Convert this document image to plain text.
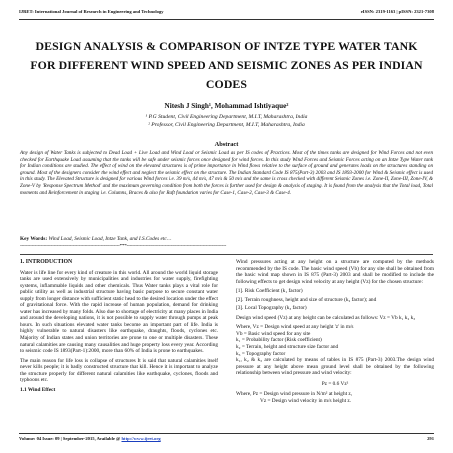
IJRET: International Journal of Research in Engineering and Technology	eISSN: 2319-1163 | pISSN: 2321-7308
DESIGN ANALYSIS & COMPARISON OF INTZE TYPE WATER TANK FOR DIFFERENT WIND SPEED AND SEISMIC ZONES AS PER INDIAN CODES
Nitesh J Singh¹, Mohammad Ishtiyaque²
¹ P.G Student, Civil Engineering Department, M.I.T, Maharashtra, India
² Professor, Civil Engineering Department, M.I.T, Maharashtra, India
Abstract
Any design of Water Tanks is subjected to Dead Load + Live Load and Wind Load or Seismic Load as per IS codes of Practices. Most of the times tanks are designed for Wind Forces and not even checked for Earthquake Load assuming that the tanks will be safe under seismic forces once designed for wind forces. In this study Wind Forces and Seismic Forces acting on an Intze Type Water tank for Indian conditions are studied. The effect of wind on the elevated structures is of prime importance in Wind flows relative to the surface of ground and generates loads on the structures standing on ground. Most of the designers consider the wind effect and neglect the seismic effect on the structure. The Indian Standard Code IS 875(Part-3) 2003 and IS 1893-2000 for Wind & Seismic effect is used in this study. The Elevated Structure is designed for various Wind forces i.e. 39 m/s, 44 m/s, 47 m/s & 50 m/s and the same is cross checked with different Seismic Zones i.e. Zone-II, Zone-III, Zone-IV, & Zone-V by 'Response Spectrum Method' and the maximum governing condition from both the forces is further used for design & analysis of staging. It is found from the analysis that the Total load, Total moments and Reinforcement in staging i.e. Columns, Braces & also for Raft foundation varies for Case-1, Case-2, Case-3 & Case-4.
Key Words: Wind Load, Seismic Load, Intze Tank, and I.S.Codes etc…
--------------------------------------------------------------------***--------------------------------------------------------------------
1. INTRODUCTION

Water is life line for every kind of creature in this world. All around the world liquid storage tanks are used extensively by municipalities and industries for water supply, firefighting systems, inflammable liquids and other chemicals. Thus Water tanks plays a vital role for public utility as well as industrial structure having basic purpose to secure constant water supply from longer distance with sufficient static head to the desired location under the effect of gravitational force. With the rapid increase of human population, demand for drinking water has increased by many folds. Also due to shortage of electricity at many places in India and around the developing nations, it is not possible to supply water through pumps at peak hours. In such situations elevated water tanks become an important part of life. India is highly vulnerable to natural disasters like earthquake, draughts, floods, cyclones etc. Majority of Indian states and union territories are prone to one or multiple disasters. These natural calamities are causing many causalities and huge property loss every year. According to seismic code IS 1893(Part-1):2000, more than 60% of India is prone to earthquakes.

The main reason for life loss is collapse of structures It is said that natural calamities itself never kills people; it is badly constructed structure that kill. Hence it is important to analyze the structure properly for different natural calamities like earthquake, cyclones, floods and typhoons etc.

1.1 Wind Effect

Wind pressures acting at any height on a structure are computed by the methods recommended by the IS code. The basic wind speed (Vb) for any site shall be obtained from the basic wind map shown in IS 875 (Part-3) 2003 and shall be modified to include the following effects to get design wind velocity at any height (Vz) for the chosen structure:

[1]. Risk Coefficient (k₁ factor)
[2]. Terrain roughness, height and size of structure (k₂ factor); and
[3]. Local Topography (k₃ factor)

Design wind speed (Vz) at any height can be calculated as follows: Vz = Vb k₁ k₂ k₃

Where, Vz = Design wind speed at any height 'z' in m/s
Vb = Basic wind speed for any site
k₁ = Probability factor (Risk coefficient)
k₂ = Terrain, height and structure size factor and
k₃ = Topography factor
k₁, k₂ & k₃ are calculated by means of tables in IS 875 (Part-3) 2003.The design wind pressure at any height above mean ground level shall be obtained by the following relationship between wind pressure and wind velocity:
Pz = 0.6 Vz²
Where, Pz = Design wind pressure in N/m² at height z,
Vz = Design wind velocity in m/s height z.
Volume: 04 Issue: 09 | September-2015, Available @ http://www.ijret.org	291
